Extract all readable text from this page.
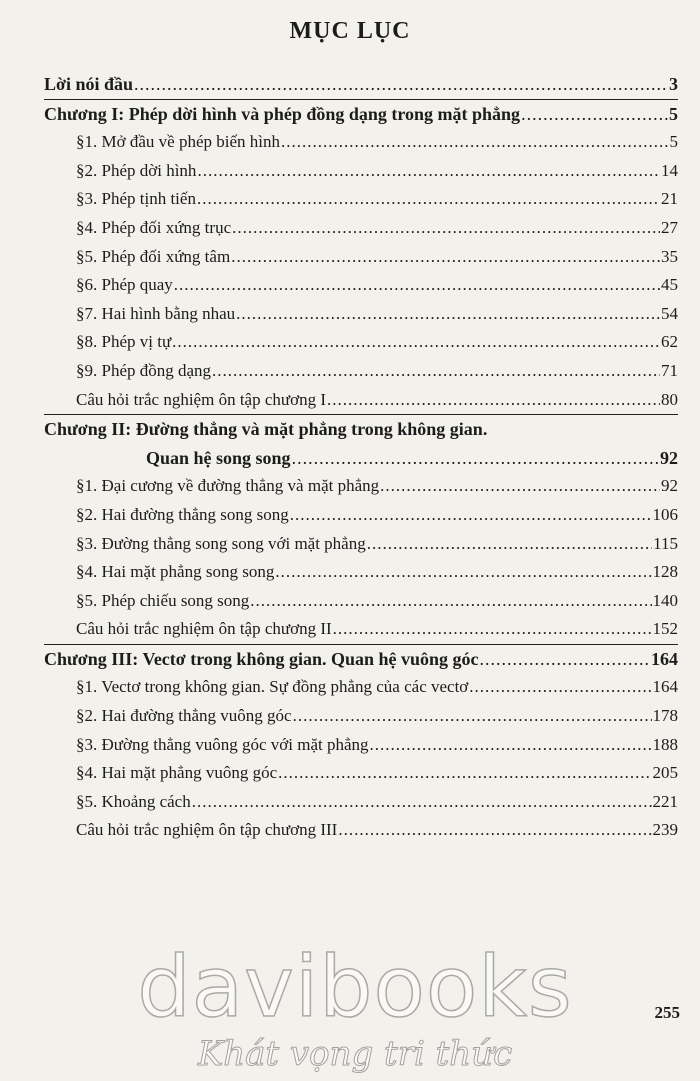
MỤC LỤC
Lời nói đầu .....	3
Chương I: Phép dời hình và phép đồng dạng trong mặt phẳng .....	5
§1. Mở đầu về phép biến hình .....	5
§2. Phép dời hình .....	14
§3. Phép tịnh tiến .....	21
§4. Phép đối xứng trục .....	27
§5. Phép đối xứng tâm .....	35
§6. Phép quay .....	45
§7. Hai hình bằng nhau .....	54
§8. Phép vị tự .....	62
§9. Phép đồng dạng .....	71
Câu hỏi trắc nghiệm ôn tập chương I .....	80
Chương II: Đường thẳng và mặt phẳng trong không gian.
Quan hệ song song .....	92
§1. Đại cương về đường thẳng và mặt phẳng .....	92
§2. Hai đường thẳng song song .....	106
§3. Đường thẳng song song với mặt phẳng .....	115
§4. Hai mặt phẳng song song .....	128
§5. Phép chiếu song song .....	140
Câu hỏi trắc nghiệm ôn tập chương II .....	152
Chương III: Vectơ trong không gian. Quan hệ vuông góc .....	164
§1. Vectơ trong không gian. Sự đồng phẳng của các vectơ .....	164
§2. Hai đường thẳng vuông góc .....	178
§3. Đường thẳng vuông góc với mặt phẳng .....	188
§4. Hai mặt phẳng vuông góc .....	205
§5. Khoảng cách .....	221
Câu hỏi trắc nghiệm ôn tập chương III .....	239
255
davibooks
Khát vọng tri thức
